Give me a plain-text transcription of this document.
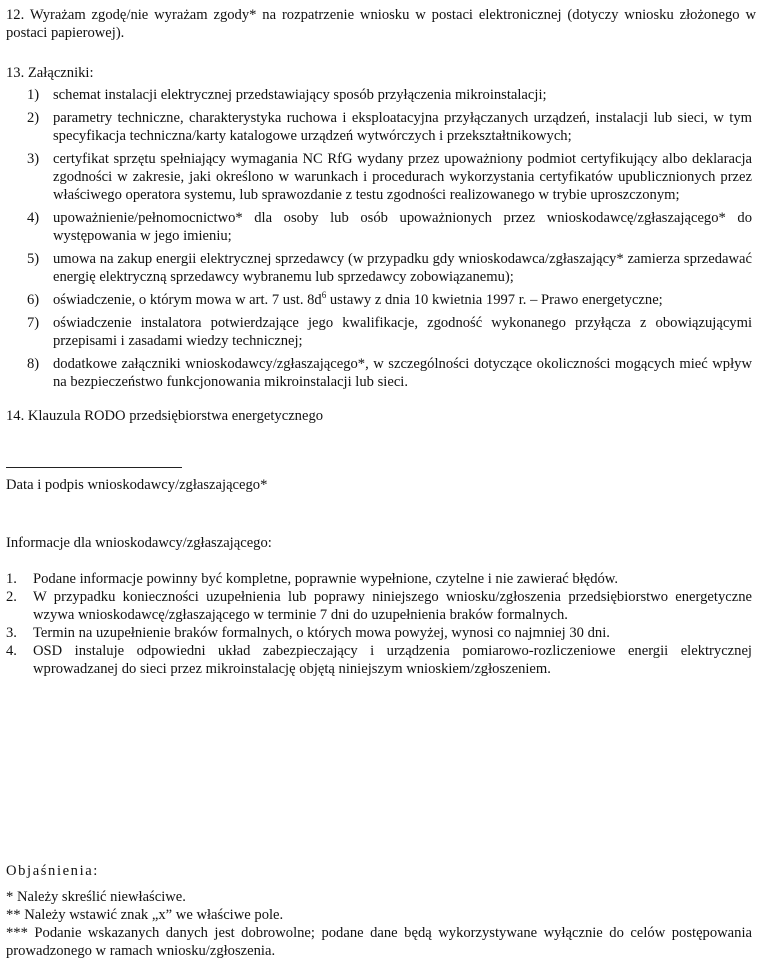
12. Wyrażam zgodę/nie wyrażam zgody* na rozpatrzenie wniosku w postaci elektronicznej (dotyczy wniosku złożonego w postaci papierowej).

13. Załączniki:

1) schemat instalacji elektrycznej przedstawiający sposób przyłączenia mikroinstalacji;
2) parametry techniczne, charakterystyka ruchowa i eksploatacyjna przyłączanych urządzeń, instalacji lub sieci, w tym specyfikacja techniczna/karty katalogowe urządzeń wytwórczych i przekształtnikowych;
3) certyfikat sprzętu spełniający wymagania NC RfG wydany przez upoważniony podmiot certyfikujący albo deklaracja zgodności w zakresie, jaki określono w warunkach i procedurach wykorzystania certyfikatów upublicznionych przez właściwego operatora systemu, lub sprawozdanie z testu zgodności realizowanego w trybie uproszczonym;
4) upoważnienie/pełnomocnictwo* dla osoby lub osób upoważnionych przez wnioskodawcę/zgłaszającego* do występowania w jego imieniu;
5) umowa na zakup energii elektrycznej sprzedawcy (w przypadku gdy wnioskodawca/zgłaszający* zamierza sprzedawać energię elektryczną sprzedawcy wybranemu lub sprzedawcy zobowiązanemu);
6) oświadczenie, o którym mowa w art. 7 ust. $8d^6$ ustawy z dnia 10 kwietnia 1997 r. – Prawo energetyczne;
7) oświadczenie instalatora potwierdzające jego kwalifikacje, zgodność wykonanego przyłącza z obowiązującymi przepisami i zasadami wiedzy technicznej;
8) dodatkowe załączniki wnioskodawcy/zgłaszającego*, w szczególności dotyczące okoliczności mogących mieć wpływ na bezpieczeństwo funkcjonowania mikroinstalacji lub sieci.

14. Klauzula RODO przedsiębiorstwa energetycznego

Data i podpis wnioskodawcy/zgłaszającego*

Informacje dla wnioskodawcy/zgłaszającego:

1. Podane informacje powinny być kompletne, poprawnie wypełnione, czytelne i nie zawierać błędów.
2. W przypadku konieczności uzupełnienia lub poprawy niniejszego wniosku/zgłoszenia przedsiębiorstwo energetyczne wzywa wnioskodawcę/zgłaszającego w terminie 7 dni do uzupełnienia braków formalnych.
3. Termin na uzupełnienie braków formalnych, o których mowa powyżej, wynosi co najmniej 30 dni.
4. OSD instaluje odpowiedni układ zabezpieczający i urządzenia pomiarowo-rozliczeniowe energii elektrycznej wprowadzanej do sieci przez mikroinstalację objętą niniejszym wnioskiem/zgłoszeniem.

Objaśnienia:

* Należy skreślić niewłaściwe.

** Należy wstawić znak „x” we właściwe pole.

*** Podanie wskazanych danych jest dobrowolne; podane dane będą wykorzystywane wyłącznie do celów postępowania prowadzonego w ramach wniosku/zgłoszenia.
